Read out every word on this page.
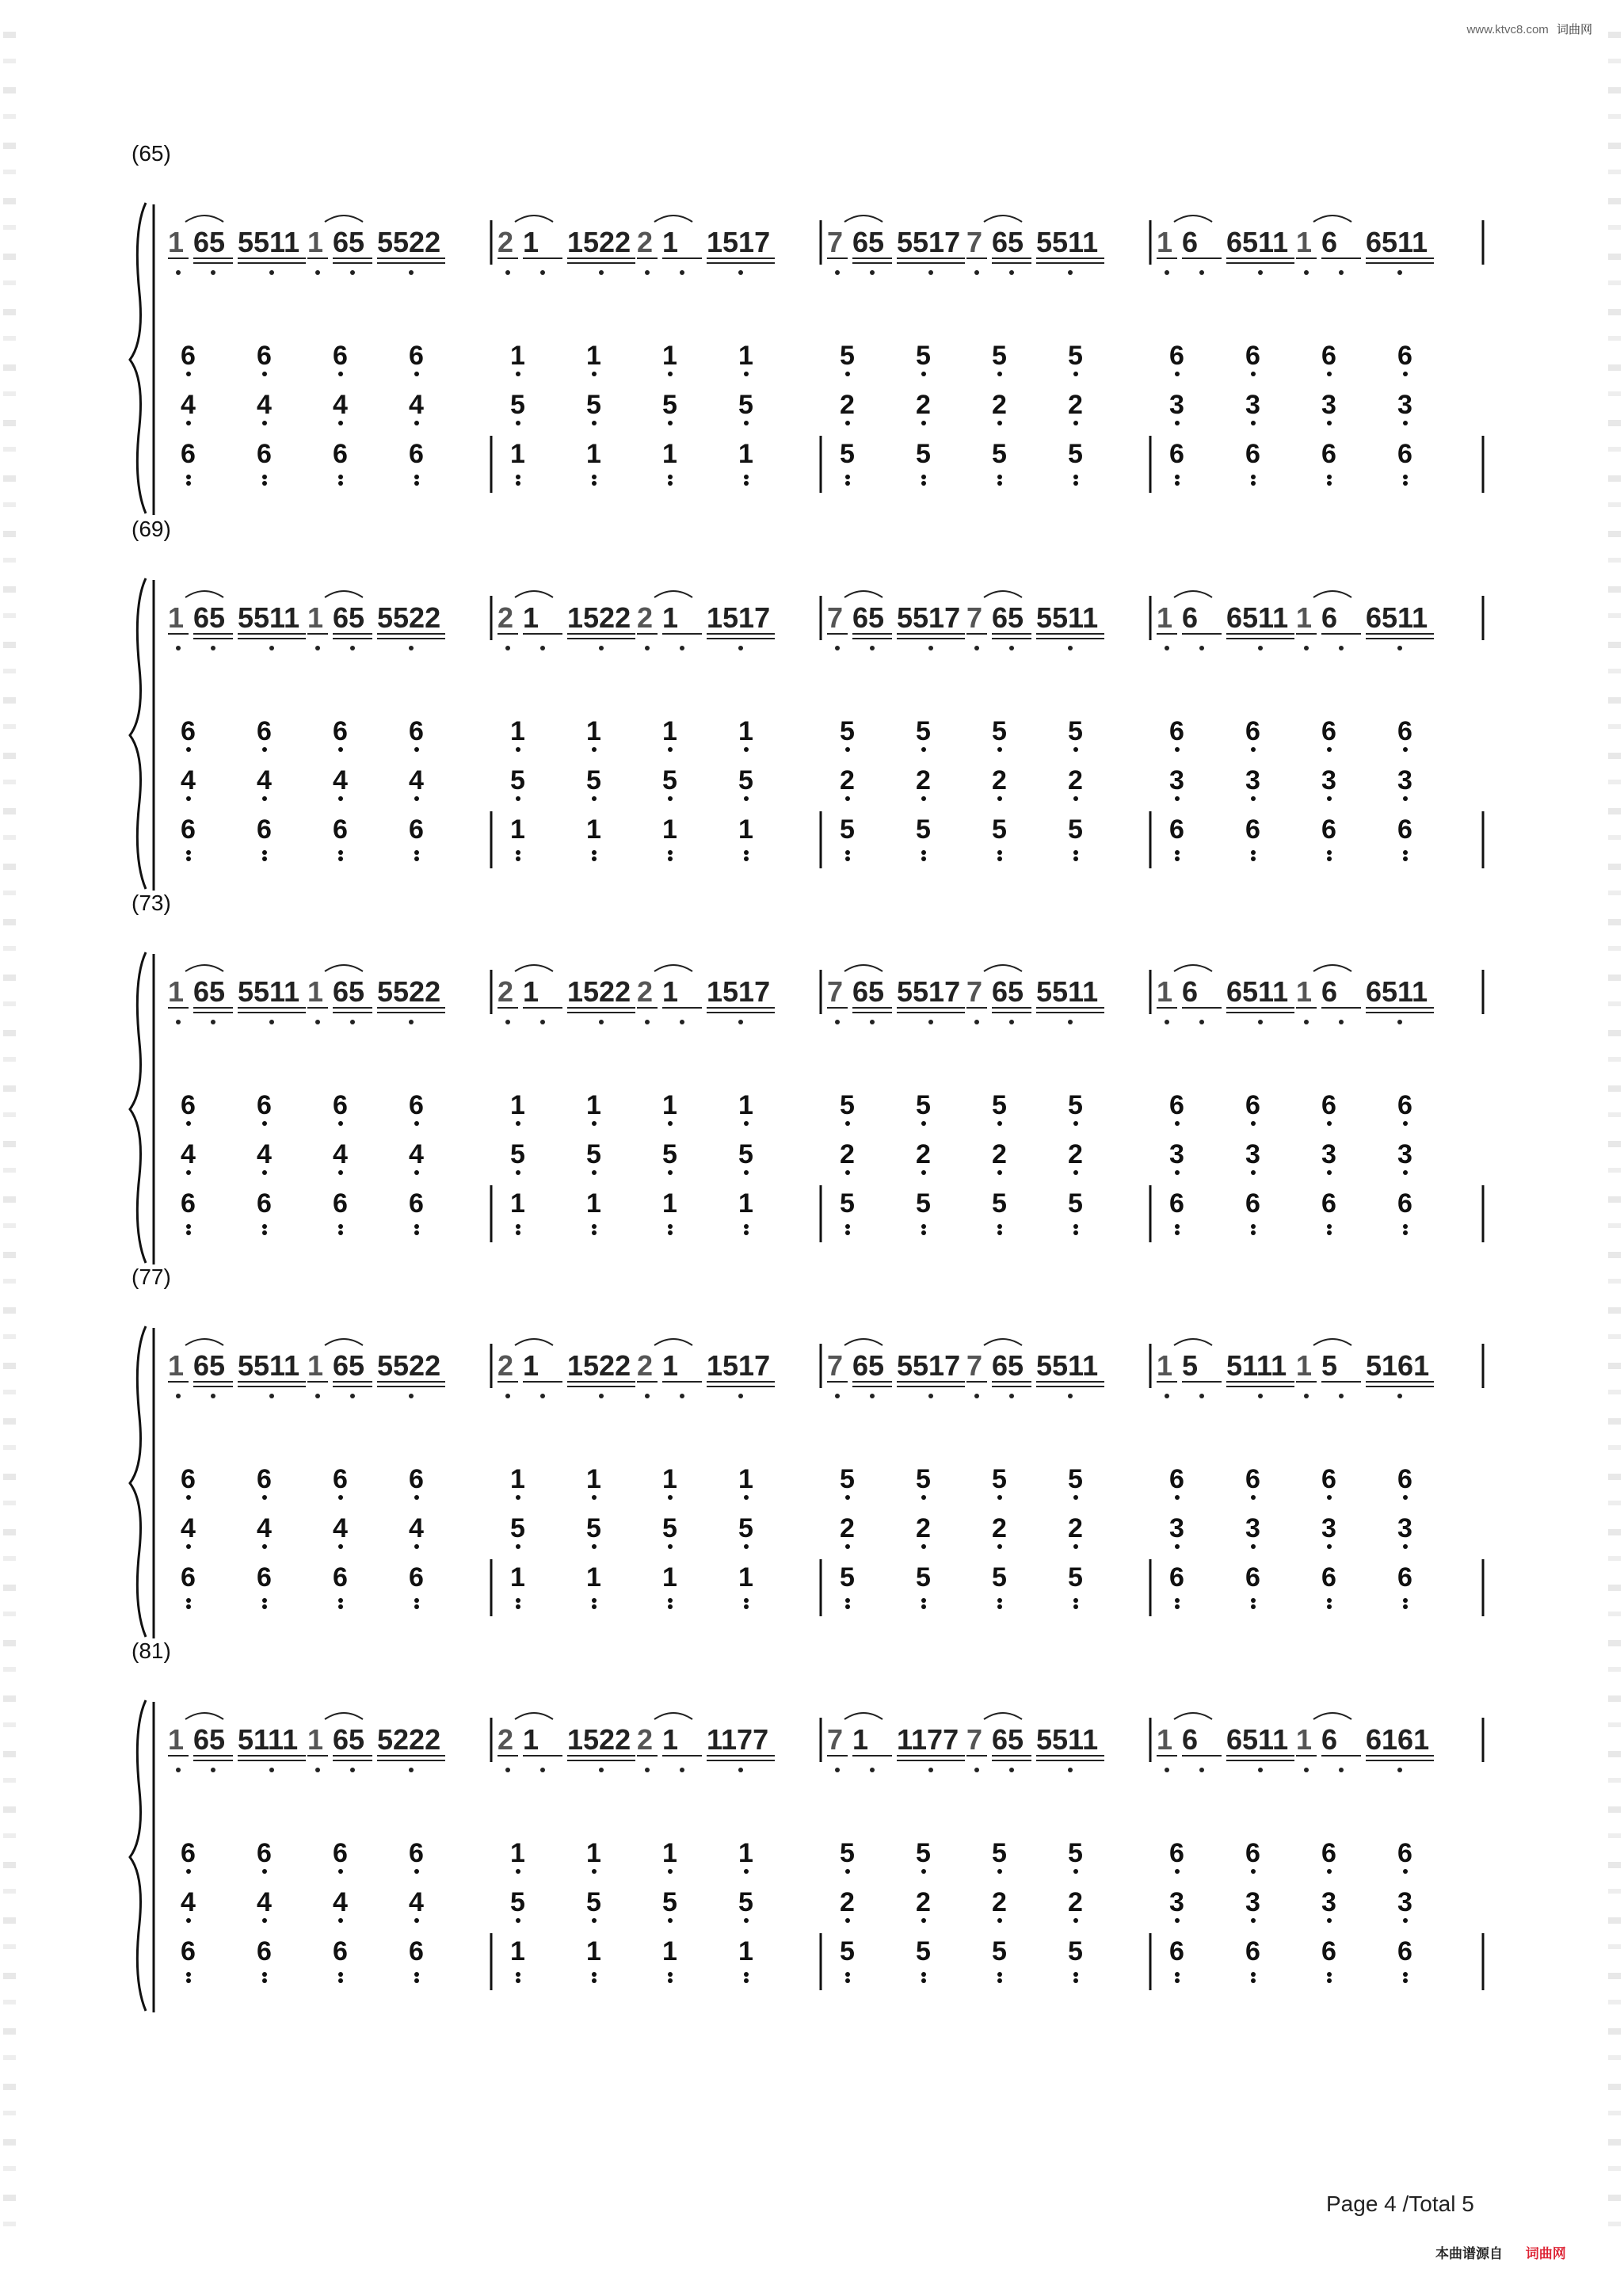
www.ktvc8.com 词曲网
(65)
1 65 5511 1 65 5522
6
4
6
6
4
6
6
4
6
6
4
6
2 1 1522 2 1 1517
1
5
1
1
5
1
1
5
1
1
5
1
7 65 5517 7 65 5511
5
2
5
5
2
5
5
2
5
5
2
5
1 6 6511 1 6 6511
6
3
6
6
3
6
6
3
6
6
3
6
(69)
1 65 5511 1 65 5522
6
4
6
6
4
6
6
4
6
6
4
6
2 1 1522 2 1 1517
1
5
1
1
5
1
1
5
1
1
5
1
7 65 5517 7 65 5511
5
2
5
5
2
5
5
2
5
5
2
5
1 6 6511 1 6 6511
6
3
6
6
3
6
6
3
6
6
3
6
(73)
1 65 5511 1 65 5522
6
4
6
6
4
6
6
4
6
6
4
6
2 1 1522 2 1 1517
1
5
1
1
5
1
1
5
1
1
5
1
7 65 5517 7 65 5511
5
2
5
5
2
5
5
2
5
5
2
5
1 6 6511 1 6 6511
6
3
6
6
3
6
6
3
6
6
3
6
(77)
1 65 5511 1 65 5522
6
4
6
6
4
6
6
4
6
6
4
6
2 1 1522 2 1 1517
1
5
1
1
5
1
1
5
1
1
5
1
7 65 5517 7 65 5511
5
2
5
5
2
5
5
2
5
5
2
5
1 5 5111 1 5 5161
6
3
6
6
3
6
6
3
6
6
3
6
(81)
1 65 5111 1 65 5222
6
4
6
6
4
6
6
4
6
6
4
6
2 1 1522 2 1 1177
1
5
1
1
5
1
1
5
1
1
5
1
7 1 1177 7 65 5511
5
2
5
5
2
5
5
2
5
5
2
5
1 6 6511 1 6 6161
6
3
6
6
3
6
6
3
6
6
3
6
Page 4 /Total 5
本曲谱源自 词曲网
